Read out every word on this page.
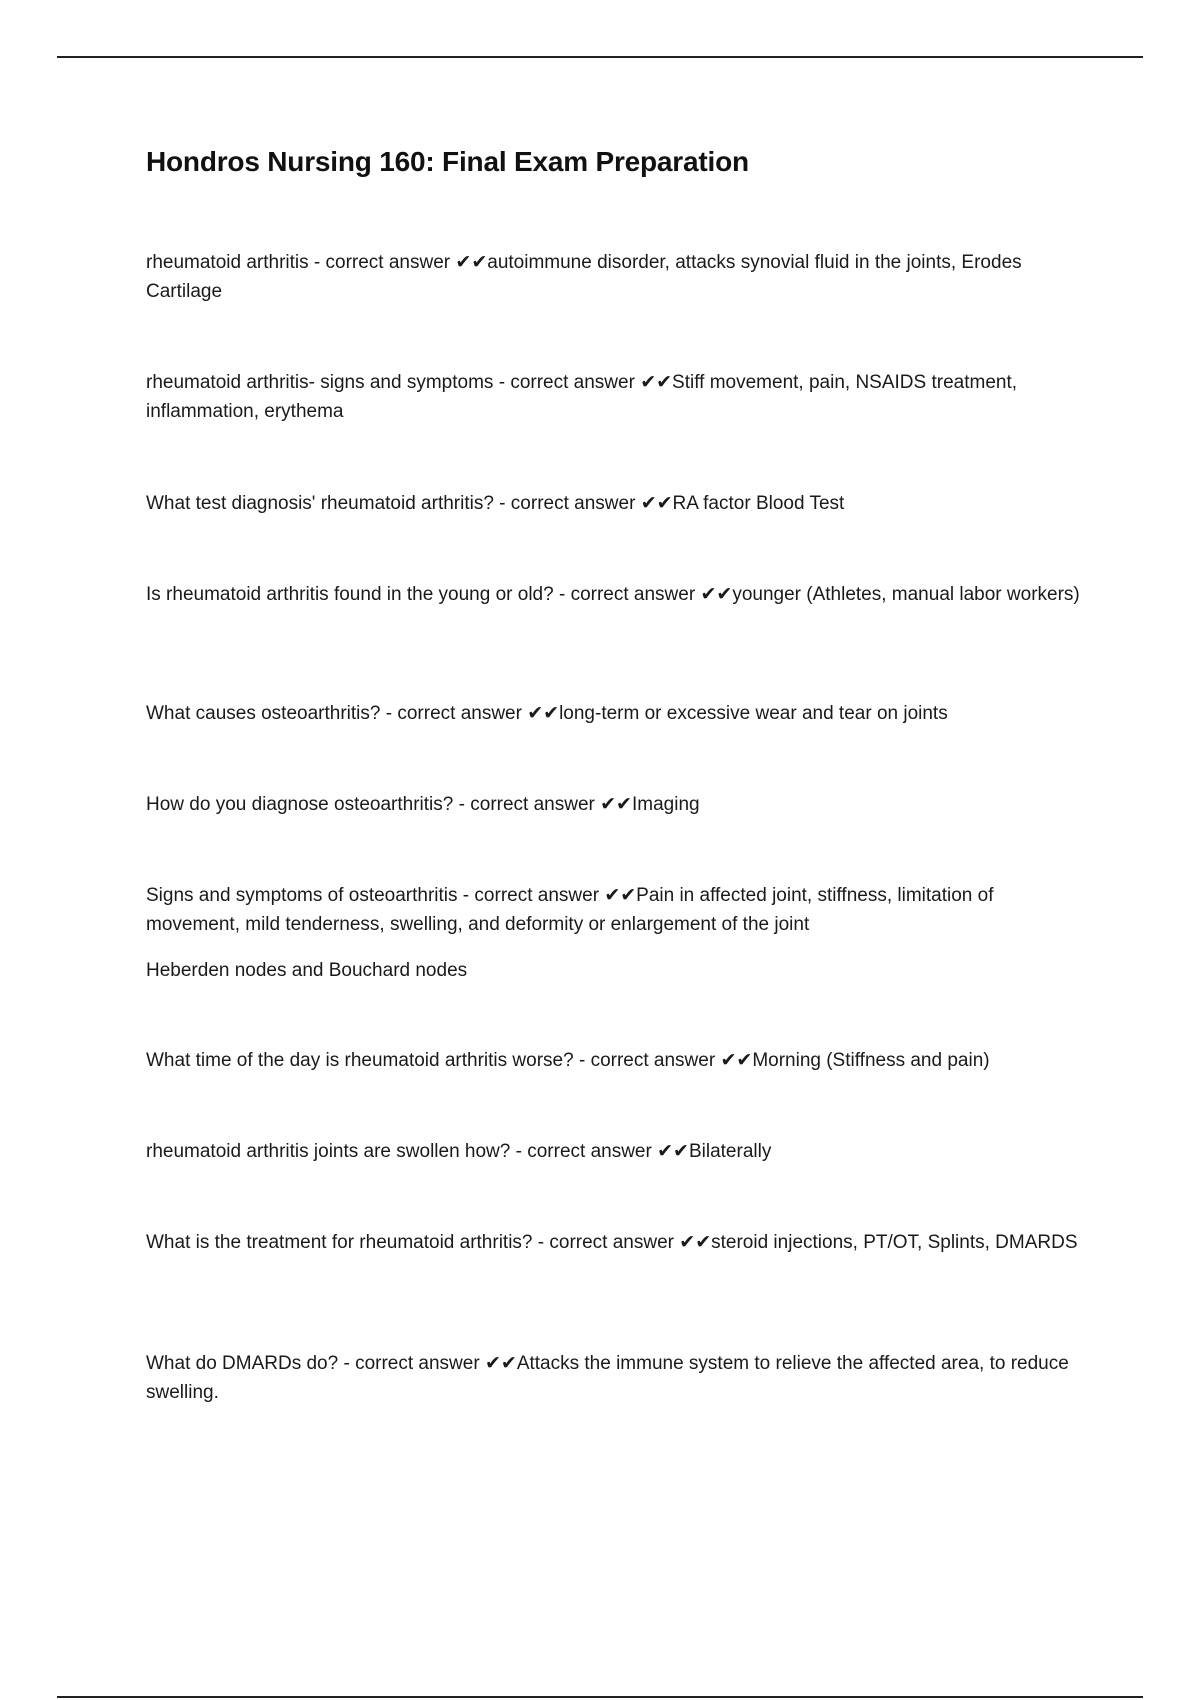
Hondros Nursing 160: Final Exam Preparation

rheumatoid arthritis - correct answer ✔✔autoimmune disorder, attacks synovial fluid in the joints, Erodes Cartilage

rheumatoid arthritis- signs and symptoms - correct answer ✔✔Stiff movement, pain, NSAIDS treatment, inflammation, erythema

What test diagnosis' rheumatoid arthritis? - correct answer ✔✔RA factor Blood Test

Is rheumatoid arthritis found in the young or old? - correct answer ✔✔younger (Athletes, manual labor workers)

What causes osteoarthritis? - correct answer ✔✔long-term or excessive wear and tear on joints

How do you diagnose osteoarthritis? - correct answer ✔✔Imaging

Signs and symptoms of osteoarthritis - correct answer ✔✔Pain in affected joint, stiffness, limitation of movement, mild tenderness, swelling, and deformity or enlargement of the joint

Heberden nodes and Bouchard nodes

What time of the day is rheumatoid arthritis worse? - correct answer ✔✔Morning (Stiffness and pain)

rheumatoid arthritis joints are swollen how? - correct answer ✔✔Bilaterally

What is the treatment for rheumatoid arthritis? - correct answer ✔✔steroid injections, PT/OT, Splints, DMARDS

What do DMARDs do? - correct answer ✔✔Attacks the immune system to relieve the affected area, to reduce swelling.
